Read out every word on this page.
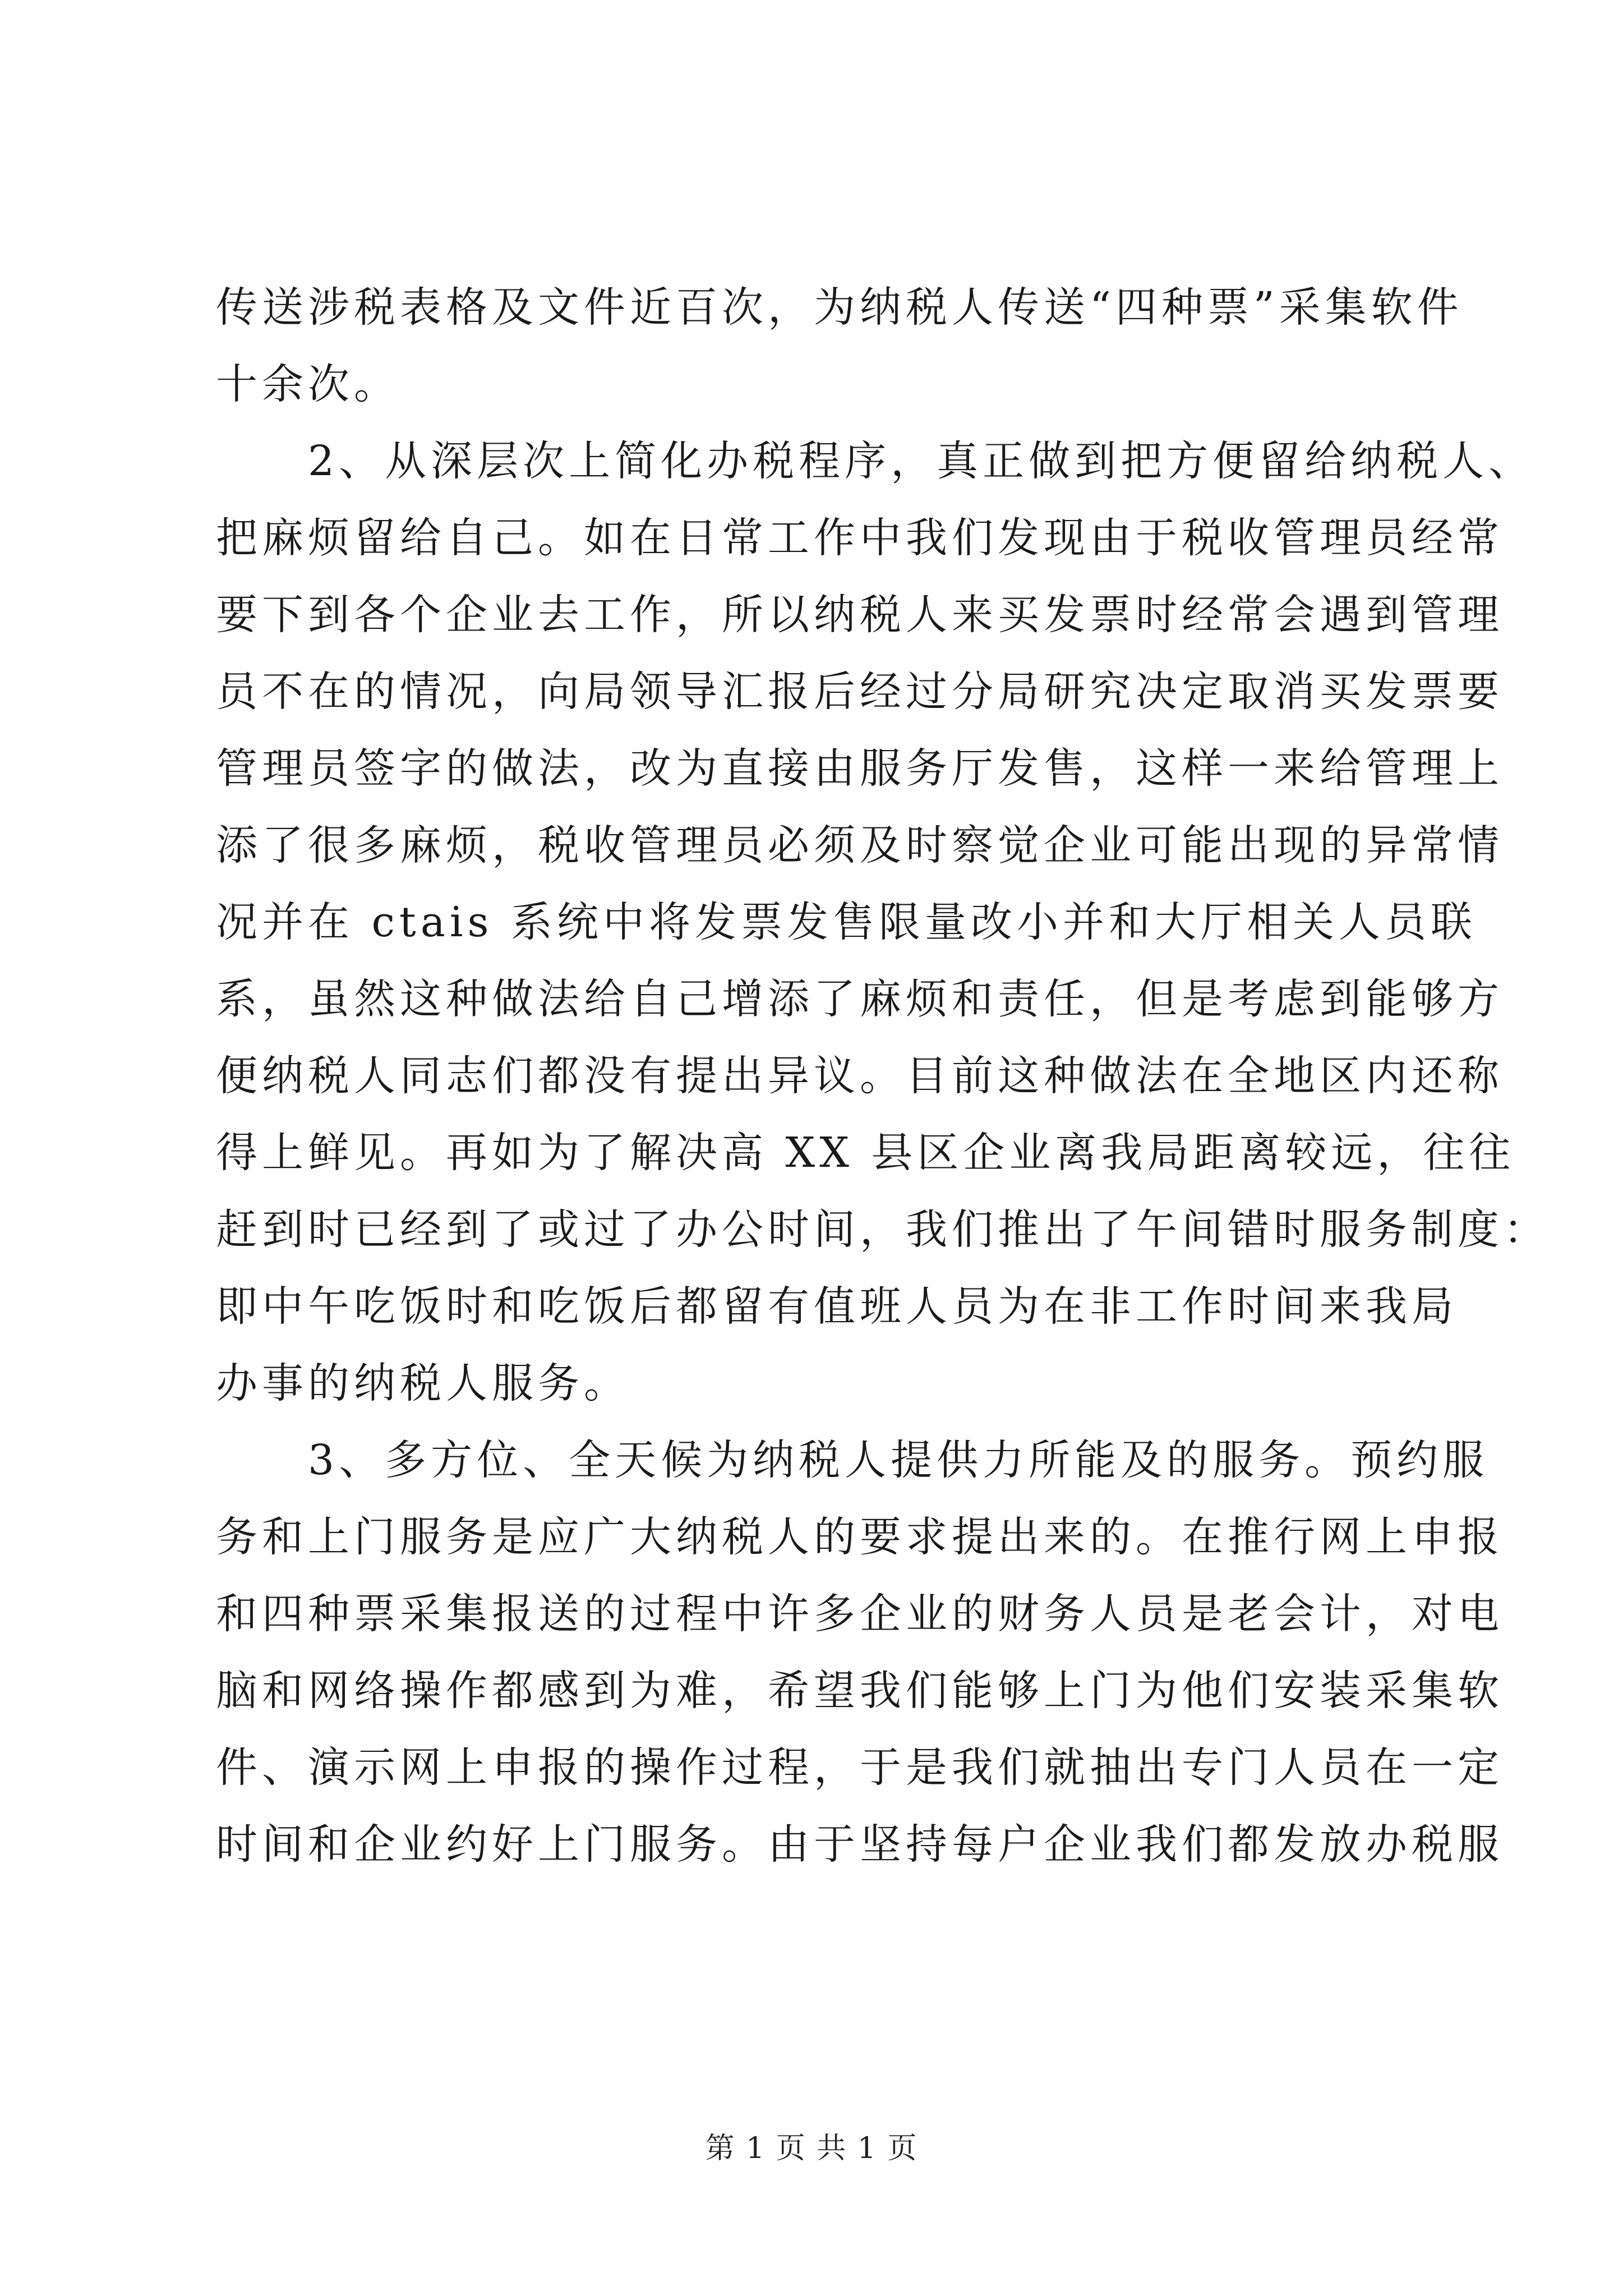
传送涉税表格及文件近百次，为纳税人传送“四种票”采集软件
十余次。
　　2、从深层次上简化办税程序，真正做到把方便留给纳税人、
把麻烦留给自己。如在日常工作中我们发现由于税收管理员经常
要下到各个企业去工作，所以纳税人来买发票时经常会遇到管理
员不在的情况，向局领导汇报后经过分局研究决定取消买发票要
管理员签字的做法，改为直接由服务厅发售，这样一来给管理上
添了很多麻烦，税收管理员必须及时察觉企业可能出现的异常情
况并在 ctais 系统中将发票发售限量改小并和大厅相关人员联
系，虽然这种做法给自己增添了麻烦和责任，但是考虑到能够方
便纳税人同志们都没有提出异议。目前这种做法在全地区内还称
得上鲜见。再如为了解决高 XX 县区企业离我局距离较远，往往
赶到时已经到了或过了办公时间，我们推出了午间错时服务制度：
即中午吃饭时和吃饭后都留有值班人员为在非工作时间来我局
办事的纳税人服务。
　　3、多方位、全天候为纳税人提供力所能及的服务。预约服
务和上门服务是应广大纳税人的要求提出来的。在推行网上申报
和四种票采集报送的过程中许多企业的财务人员是老会计，对电
脑和网络操作都感到为难，希望我们能够上门为他们安装采集软
件、演示网上申报的操作过程，于是我们就抽出专门人员在一定
时间和企业约好上门服务。由于坚持每户企业我们都发放办税服
第 1 页 共 1 页
